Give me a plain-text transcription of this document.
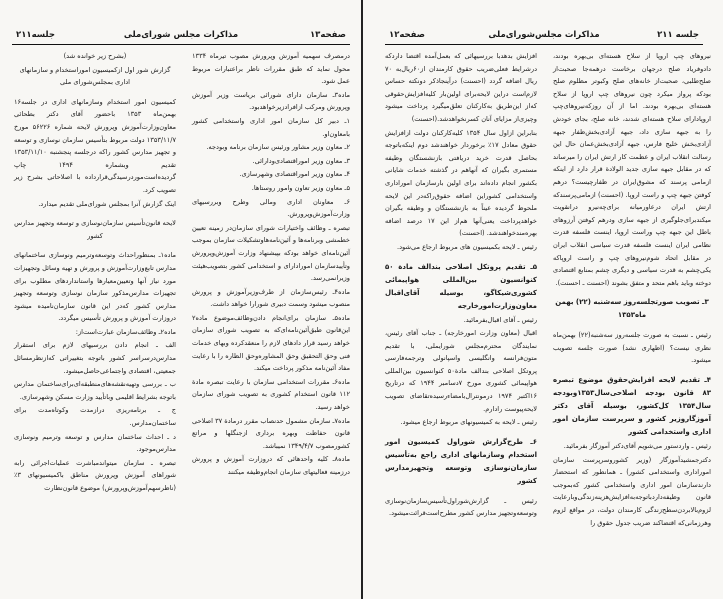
صفحه۱۳
مذاکرات مجلس شورای‌ملی
جلسه۲۱۱

درمصرف سهمیه آموزش وپرورش مصوب تیرماه ۱۳۳۴ محول نماید که طبق مقررات ناظر براعتبارات مربوط عمل شود.

ماده۳ـ سازمان دارای شورائی بریاست وزیر آموزش وپرورش ومرکب ازافرادزیرخواهدبود.

۱ـ دبیر کل سازمان امور اداری واستخدامی کشور بامعاون‌او.

۲ـ معاون وزیر مشاور ورئیس سازمان برنامه وبودجه.

۳ـ معاون وزیر اموراقتصادی‌ودارائی.

۴ـ معاون وزیر اموراقتصادی وشهرسازی.

۵ـ معاون وزیر تعاون وامور روستاها.

۶ـ معاونان اداری ومالی وطرح وبررسیهای وزارت‌آموزش‌وپرورش.

تبصره ـ وظائف واختیارات شورای سازمان‌در زمینه تعیین خطمشی وبرنامه‌ها و آئین‌نامه‌هاوتشکیلات سازمان بموجب آئین‌نامه‌ای خواهد بودکه بپیشنهاد وزارت آموزش‌وپرورش وتأیید‌سازمان امورادارای و استخدامی کشور بتصویب‌هیئت وزیرانمی‌رسد.

ماده۴ـ رئیس‌سازمان از طرف‌وزیرآموزش و پرورش منصوب میشود وسمت دبیری شورارا خواهد داشت.

ماده۵ـ سازمان برای‌انجام دادن‌وظائف‌موضوع ماده۲ این‌قانون طبق‌آئین‌نامه‌ای‌که به تصویب شورای سازمان خواهد رسید قرار دادهای لازم را منعقدکرده وبهای خدمات فنی وحق التحقیق وحق المشاوره‌وحق‌ الظاره را با رعایت مفاد آئین‌نامه مذکور پرداخت میکند.

ماده۶ـ مقررات استخدامی سازمان با رعایت تبصره مادة ۱۱۲ قانون استخدام کشوری به تصویب شورای سازمان خواهد رسید.

ماده۷ـ سازمان مشمول حدنصاب مقرر درمادة ۳۷ اصلاحی قانون حفاظت وبهره برداری ازجنگلها و مراتع کشورمصوب ۱۳۴۹/۴/۷ نمیباشد.

ماده۸ـ کلیه واحدهائی که دروزارت آموزش و پرورش درزمینه فعالیتهای سازمان انجام‌وظیفه میکنند

(بشرح زیر خوانده شد)

گزارش شور اول ازکمیسیون اموراستخدام و سازمانهای اداری بمجلس‌شورای ملی

کمیسیون امور استخدام وسازمانهای اداری در جلسه۱۶ بهمن‌ماه ۱۳۵۳ باحضور آقای دکتر بطحائی معاون‌وزارت‌آموزش وپرورش لایحه شماره ۵۶۲۲۶ مورخ ۱۳۵۳/۱۱/۷ دولت مربوط بتأسیس سازمان نوسازی و توسعه و تجهیز مدارس کشور راکه درجلسه پنجشنبه ۱۳۵۳/۱۱/۱۰ تقدیم وبشماره ۱۴۹۴ چاپ گردیده‌است‌موردرسیدگی‌قرارداده با اصلاحاتی بشرح زیر تصویب کرد.

اینک گزارش آنرا بمجلس شورای‌ملی تقدیم میدارد.

لایحه قانون‌تأسیس سازمان‌نوسازی و توسعه وتجهیز مدارس کشور

ماده۱ـ بمنظوراحداث وتوسعه‌وترمیم ونوسازی ساختمانهای مدارس تابع‌وزارت‌آموزش و پرورش و تهیه وسائل وتجهیزات مورد نیاز آنها وتعیین‌معیارها واستانداردهای مطلوب برای تجهیزات مدارس‌مذکور سازمان نوسازی وتوسعه وتجهیز مدارس کشور که‌در این قانون سازمان‌نامیده میشود دروزارت آموزش و پرورش تأسیس میگردد.

ماده۲ـ وظائف‌سازمان عبارت‌است‌از:

الف ـ انجام دادن بررسیهای لازم برای استقرار مدارس‌درسراسر کشور باتوجه بتغییراتی که‌ازنظرمسائل جمعیتی، اقتصادی واجتماعی‌حاصل‌میشود.

ب ـ بررسی وتهیه‌نقشه‌های‌منطبقه‌ای‌برای‌ساختمان مدارس باتوجه بشرایط اقلیمی وبا‌تأیید وزارت مسکن وشهرسازی.

ج ـ برنامه‌ریزی درازمدت وکوتاه‌مدت برای ساختمان‌مدارس.

د ـ احداث ساختمان مدارس و توسعه وترمیم ونوسازی مدارس‌موجود.

تبصره ـ سازمان میتواندمباشرت عملیات‌اجرائی رابه شوراهای آموزش وپرورش مناطق باکمیسیونهای ۳٪ (ناظرسهم‌آموزش‌وپرورش) موضوع قانون‌نظارت

جلسه ۲۱۱
مذاکرات مجلس‌شورای‌ملی
صفحه۱۲

نیروهای چپ اروپا از سلاح هسته‌ای بی‌بهره بودند، دادوفریاد صلح درجهان برخاست درهمه‌جا صحبت‌از صلح‌طلبی، صحبت‌از خانه‌های صلح وکبوتر مظلوم صلح بودکه پرواز میکرد چون نیروهای چپ اروپا از سلاح هسته‌ای بی‌بهره بودند. اما از آن روزکه‌نیروهای‌چپ اروپادارای سلاح هسته‌ای شدند، خانه صلح، بجای خودش را به جبهه سازی داد، جبهه آزادی‌بخش‌ظفار جبهه آزادی‌بخش خلیج فارس، جبهه آزادی‌بخش‌عمان حال این رسالت انقلاب ایران و عظمت کار ارتش ایران را میرساند که در مقابل جبهه سازی جدید الولادة قرار دارد از اینکه ازمامی پرسند که مشوق‌ایران در ظفارچیست؟ درهم کوفتن جبهه چپ و راست اروپا. (احسنت) ازمامی‌پرسندکه ارتش ایران درعاورمیانه برای‌چه‌نیرو درانقویت میکندبرای‌جلوگیری از جبهه سازی ودرهم کوفتن آرزوهای باطل این جبهه چپ وراست اروپا، اینست فلسفه قدرت نظامی ایران اینست فلسفه قدرت سیاسی انقلاب ایران در مقابل اتحاد شوم‌نیروهای چپ و راست اروپاکه یکی‌چشم به قدرت سیاسی و دیگری چشم بمنابع اقتصادی دوخته وباید باهم متحد و متفق بشوند (احسنت ـ احسنت).

۳ـ تصویب صورتجلسه‌روز سه‌شنبه (۲۲) بهمن ماه۱۳۵۳

رئیس ـ نسبت به صورت جلسه‌روز سه‌شنبه(۲۲) بهمن‌ماه نظری نیست؟ (اظهاری نشد) صورت جلسه تصویب میشود.

۴ـ تقدیم لایحه افزایش‌حقوق موضوع تبصره ۸۳ قانون بودجه اصلاحی‌سال۱۳۵۳وبودجه سال۱۳۵۴ کل‌کشور، بوسیله آقای دکتر آموزگاروزیر کشور و سرپرست سازمان امور اداری واستخدامی کشور

رئیس ـ واردستور می‌شویم آقای‌دکتر آموزگار بفرمائید.

دکترجمشیدآموزگار (وزیر کشوروسرپرست سازمان اموراداری واستخدامی کشور) ـ همانطور که استحضار دارندسازمان امور اداری واستخدامی کشور که‌بموجب قانون وظیفه‌دارد‌باتوجه‌به‌افزایش‌هزینه‌زندگی‌وبارعایت لزوم‌بالابردن‌سطح‌زندگی کارمندان دولت، در مواقع لزوم وهرزمانی‌که اقتضا‌کند ضریب جدول حقوق را

افزایش بدهدبا بررسیهائی که بعمل‌آمده اقتضا دارد‌که درشرایط فعلی‌ضریب حقوق کارمندان از۶۰ریال‌به ۷۰ ریال اضافه گردد (احسنت) درآینجاذکر دونکته حساس لازم‌است دراین لایحه‌برای اولین‌بار کلیه‌افزایش‌حقوقی که‌از این‌طریق به‌کارکنان تعلق‌میگیرد پرداخت میشود وچیزی‌از مزایای آنان کسرنخواهدشد.(احسنت)

بنابراین ازاول سال ۱۳۵۴ کلیه‌کارکنان دولت ازافزایش حقوق معادل ۱۷٪ برخوردار خواهندشد دوم اینکه‌باتوجه بحاصل قدرت خرید دریافتی بازنشستگان وظیفه مستمری بگیران که آنهاهم در گذشته خدمات شایانی بکشور انجام داده‌اند برای اولین بارسازمان اموراداری واستخدامی کشوراین اضافه حقوق‌راکه‌در این لایحه ملحوظ گردیده عیناً به بازنشستگان و وظیفه بگیران خواهدپرداخت یعنی‌آنها هم‌از این ۱۷ درصد اضافه بهره‌مندخواهندشد. (احسنت)

رئیس ـ لایحه بکمیسیون های مربوط ارجاع می‌شود.

۵ـ تقدیم پروتکل اصلاحی بندالف مادة ۵۰ کنوانسیون بین‌المللی هواپیمائی کشوری‌شیکاگو، بوسیله آقای‌اقبال معاون‌وزارت‌امورخارجه

رئیس ـ آقای اقبال‌بفرمائید.

اقبال (معاون وزارت امورخارجه) ـ جناب آقای رئیس، نمایندگان محترم‌مجلس شورایملی، با تقدیم متون‌فرانسه وانگلیسی واسپانولی وترجمه‌فارسی پروتکل اصلاحی بندالف‌ مادة۵۰ کنوانسیون بین‌المللی هواپیمائی کشوری مورخ ۷دسامبر ۱۹۴۴ که درتاریخ ۱۶اکتبر ۱۹۷۴ درمونترال‌بامضاءرسیده‌تقاضای تصویب لایحه‌پیوست رادارم.

رئیس ـ لایحه به کمیسیونهای مربوط ارجاع میشود.

۶ـ طرح‌گزارش شوراول کمیسیون امور استخدام وسازمانهای اداری راجع به‌تأسیس سازمان‌نوسازی وتوسعه وتجهیزمدارس کشور

رئیس ـ گزارش‌شوراول‌تأسیس‌سازمان‌نوسازی وتوسعه‌وتجهیز مدارس کشور مطرح‌است‌قرائت‌میشود.
